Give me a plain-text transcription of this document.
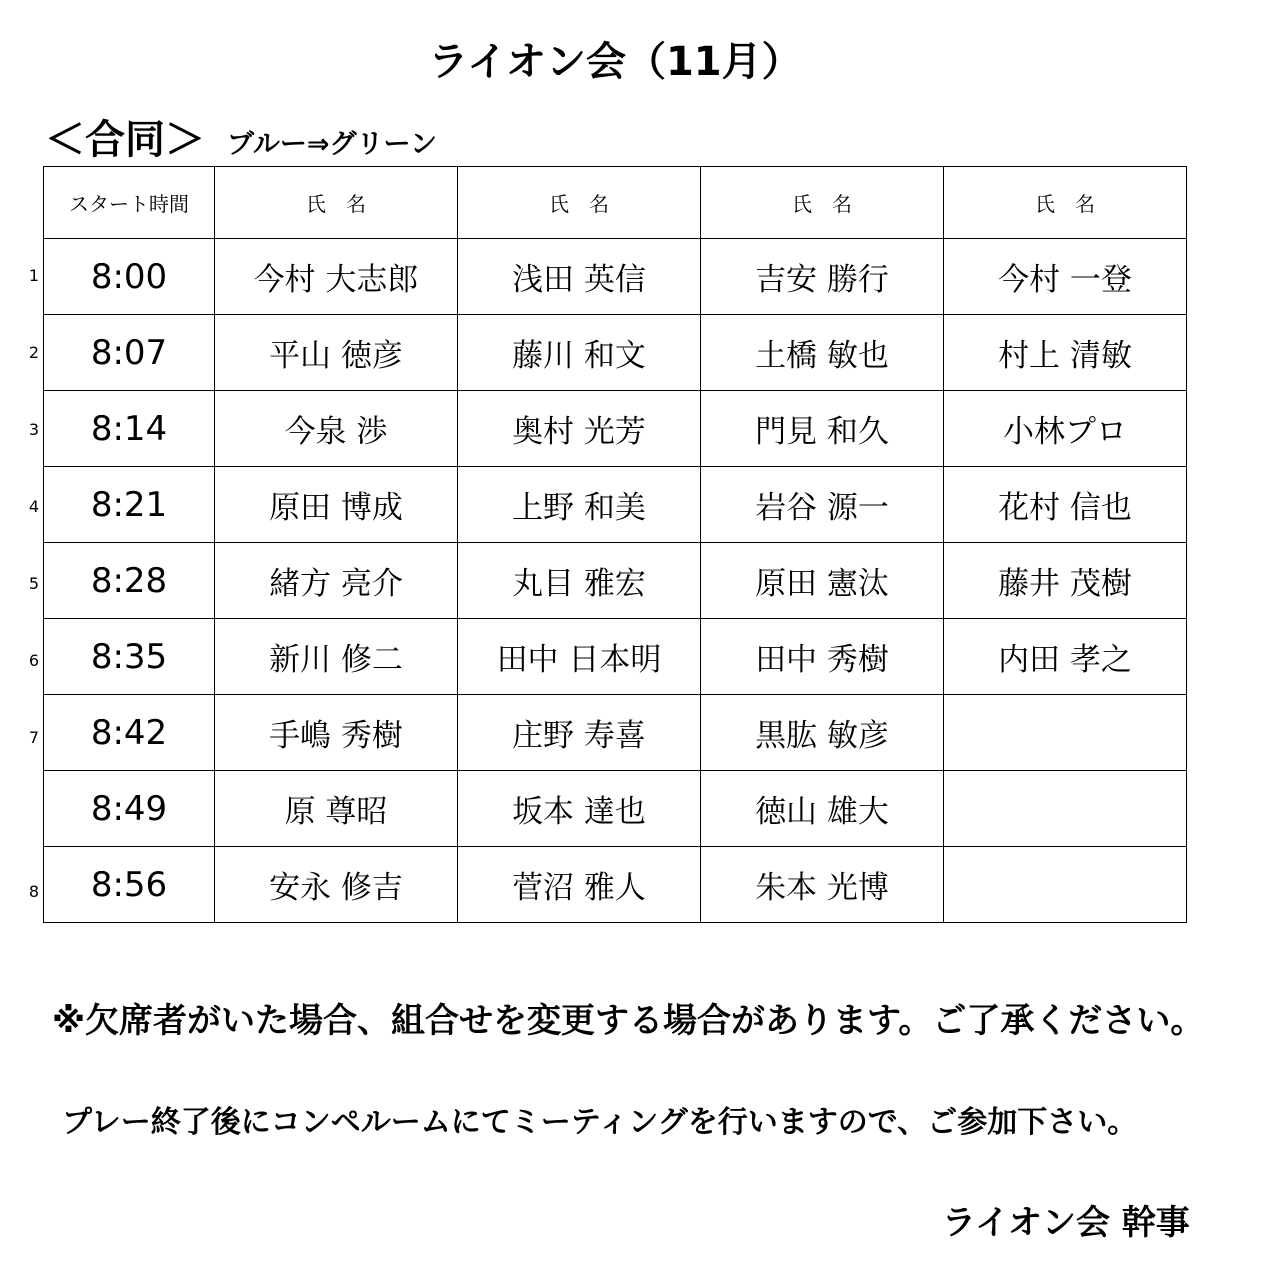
ライオン会（11月）
＜合同＞ ブルー⇒グリーン
スタート時間	氏　名	氏　名	氏　名	氏　名
8:00	今村 大志郎	浅田 英信	吉安 勝行	今村 一登
8:07	平山 徳彦	藤川 和文	土橋 敏也	村上 清敏
8:14	今泉 渉	奥村 光芳	門見 和久	小林プロ
8:21	原田 博成	上野 和美	岩谷 源一	花村 信也
8:28	緒方 亮介	丸目 雅宏	原田 憲汰	藤井 茂樹
8:35	新川 修二	田中 日本明	田中 秀樹	内田 孝之
8:42	手嶋 秀樹	庄野 寿喜	黒肱 敏彦	
8:49	原 尊昭	坂本 達也	徳山 雄大	
8:56	安永 修吉	菅沼 雅人	朱本 光博	
1
2
3
4
5
6
7
8
※欠席者がいた場合、組合せを変更する場合があります。ご了承ください。
プレー終了後にコンペルームにてミーティングを行いますので、ご参加下さい。
ライオン会 幹事
